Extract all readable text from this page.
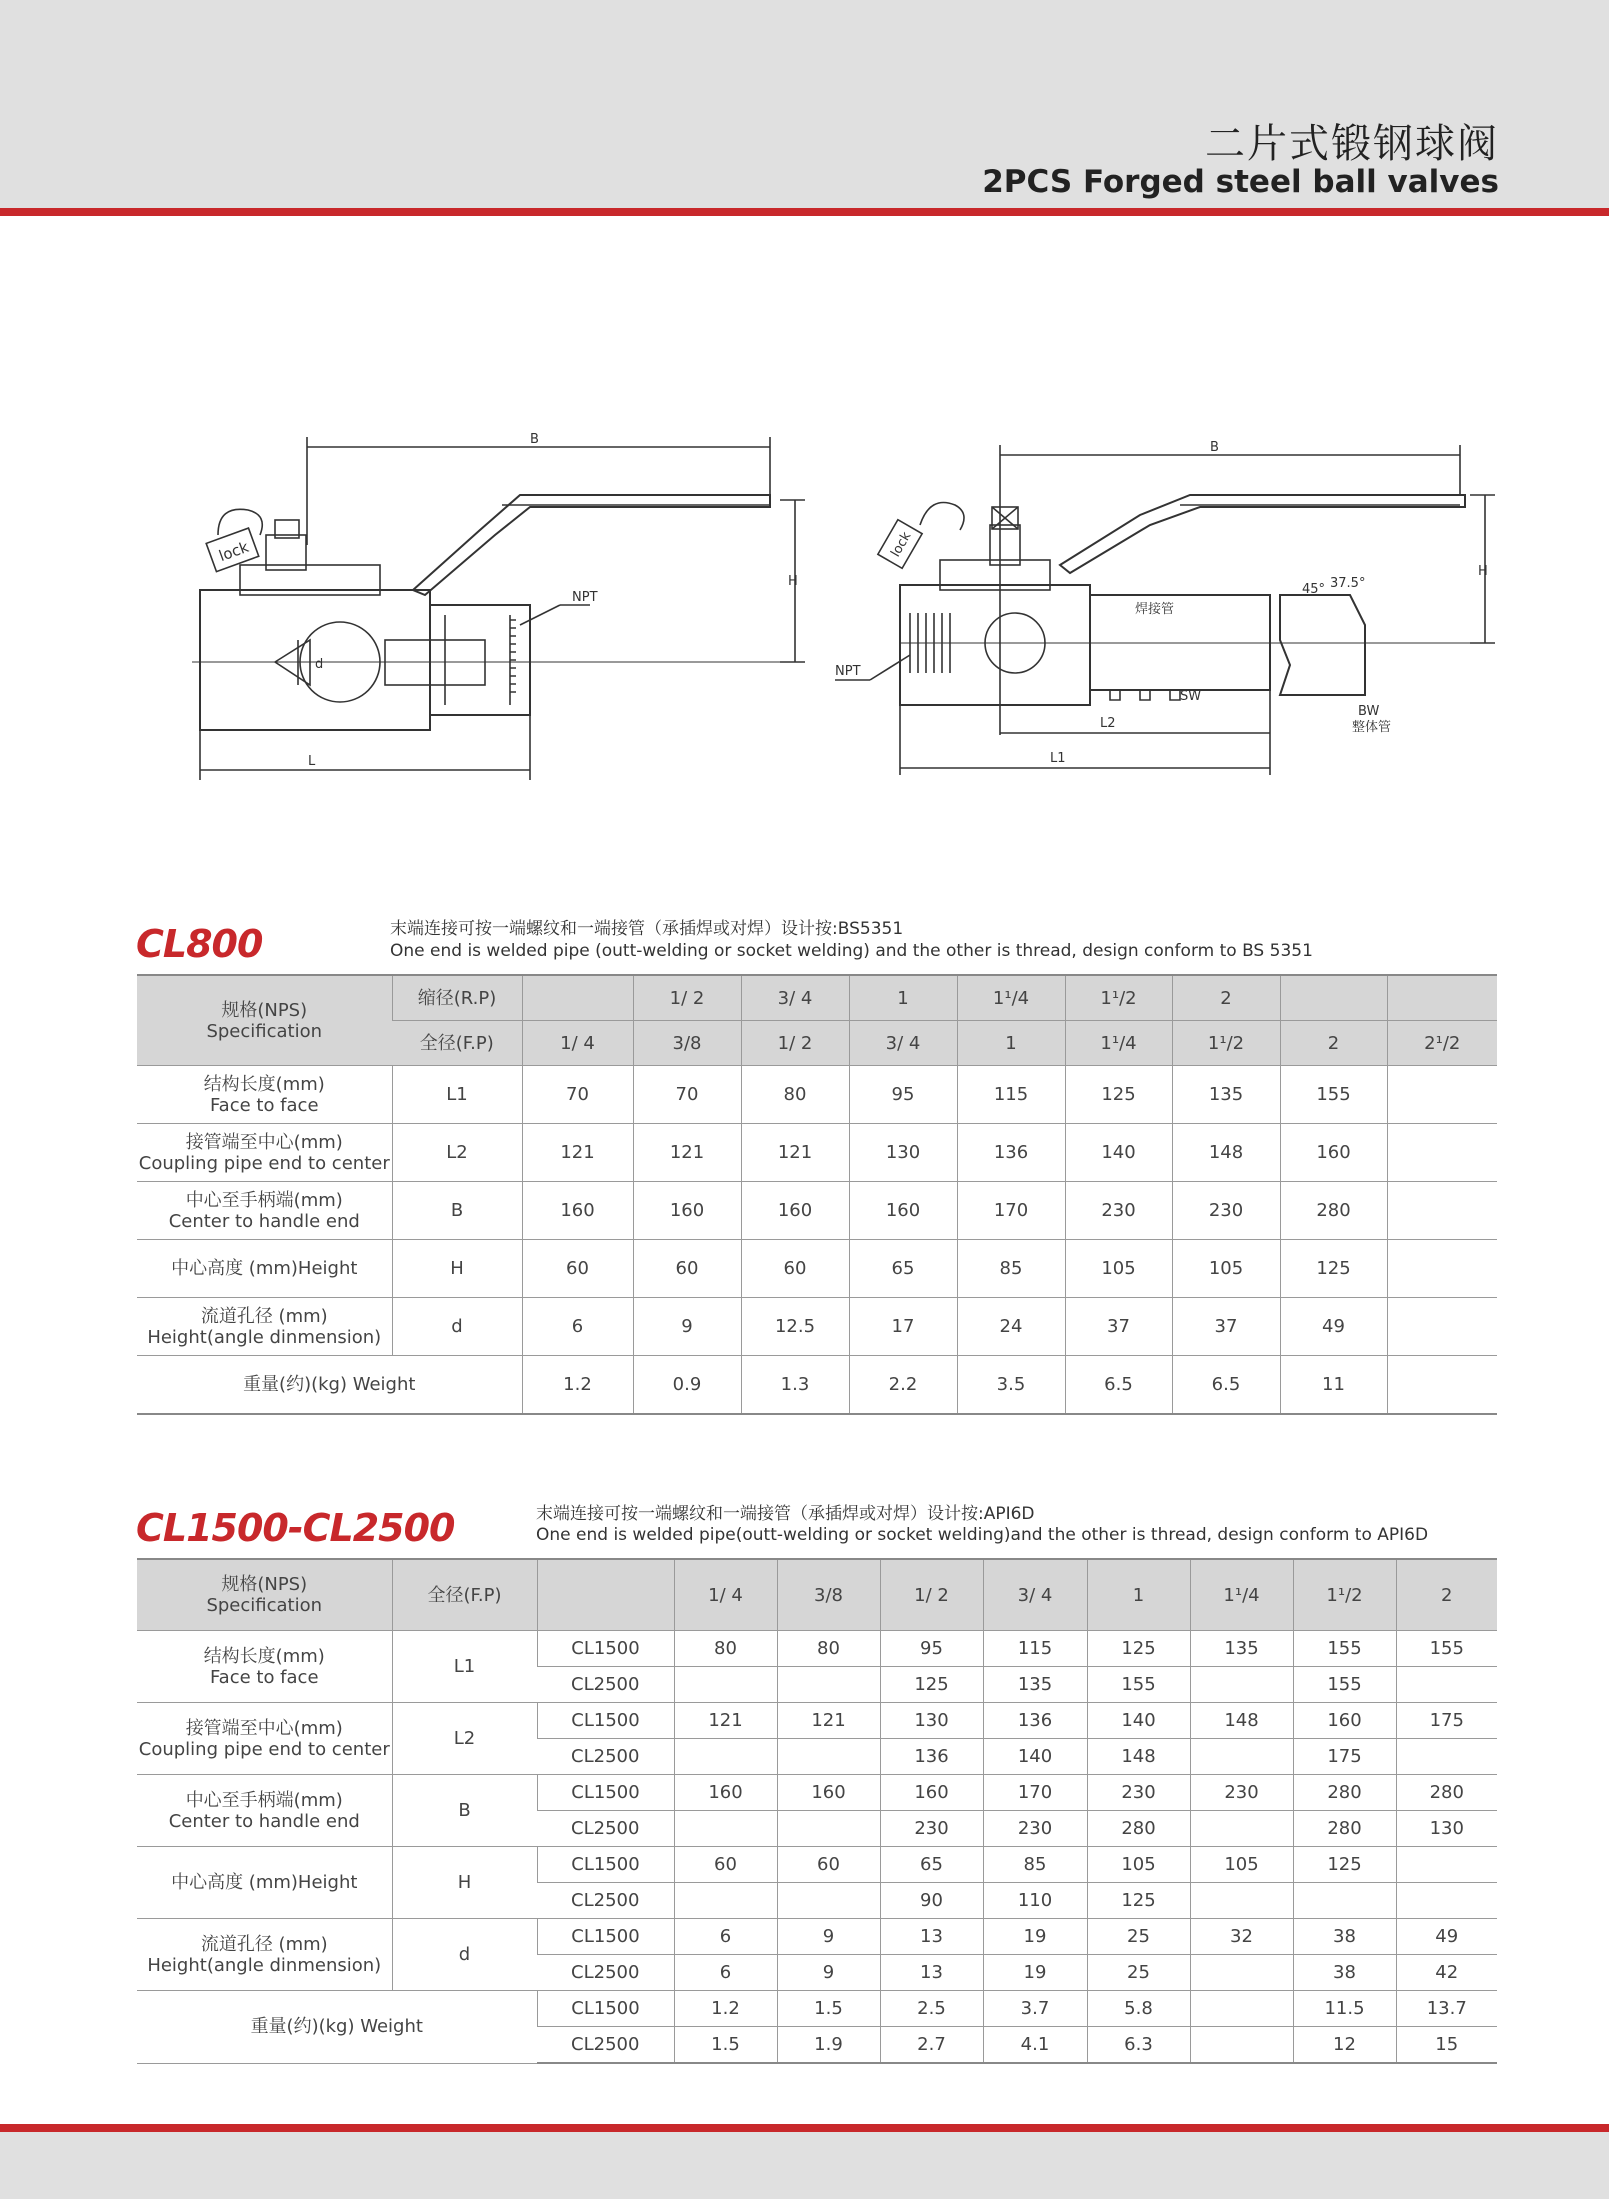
二片式锻钢球阀
2PCS Forged steel ball valves
lock
NPT
L
B
H
d
B
H
焊接管
SW
45° 37.5°
BW
整体管
lock
NPT
L2
L1
CL800	末端连接可按一端螺纹和一端接管（承插焊或对焊）设计按:BS5351
One end is welded pipe (outt-welding or socket welding) and the other is thread, design conform to BS 5351
规格(NPS)
Specification	缩径(R.P)		1/ 2	3/ 4	1	1¹/4	1¹/2	2		
	全径(F.P)	1/ 4	3/8	1/ 2	3/ 4	1	1¹/4	1¹/2	2	2¹/2

结构长度(mm)
Face to face	L1	70	70	80	95	115	125	135	155	

接管端至中心(mm)
Coupling pipe end to center	L2	121	121	121	130	136	140	148	160	

中心至手柄端(mm)
Center to handle end	B	160	160	160	160	170	230	230	280	

中心高度 (mm)Height	H	60	60	60	65	85	105	105	125	

流道孔径 (mm)
Height(angle dinmension)	d	6	9	12.5	17	24	37	37	49	
重量(约)(kg) Weight		1.2	0.9	1.3	2.2	3.5	6.5	6.5	11	
CL1500-CL2500	末端连接可按一端螺纹和一端接管（承插焊或对焊）设计按:API6D
One end is welded pipe(outt-welding or socket welding)and the other is thread, design conform to API6D
规格(NPS)
Specification	全径(F.P)		1/ 4	3/8	1/ 2	3/ 4	1	1¹/4	1¹/2	2

结构长度(mm)
Face to face	L1	CL1500	80	80	95	115	125	135	155	155
		CL2500			125	135	155		155	

接管端至中心(mm)
Coupling pipe end to center	L2	CL1500	121	121	130	136	140	148	160	175
		CL2500			136	140	148		175	

中心至手柄端(mm)
Center to handle end	B	CL1500	160	160	160	170	230	230	280	280
		CL2500			230	230	280		280	130

中心高度 (mm)Height	H	CL1500	60	60	65	85	105	105	125	
		CL2500			90	110	125			

流道孔径 (mm)
Height(angle dinmension)	d	CL1500	6	9	13	19	25	32	38	49
		CL2500	6	9	13	19	25		38	42
重量(约)(kg) Weight		CL1500	1.2	1.5	2.5	3.7	5.8		11.5	13.7
		CL2500	1.5	1.9	2.7	4.1	6.3		12	15
